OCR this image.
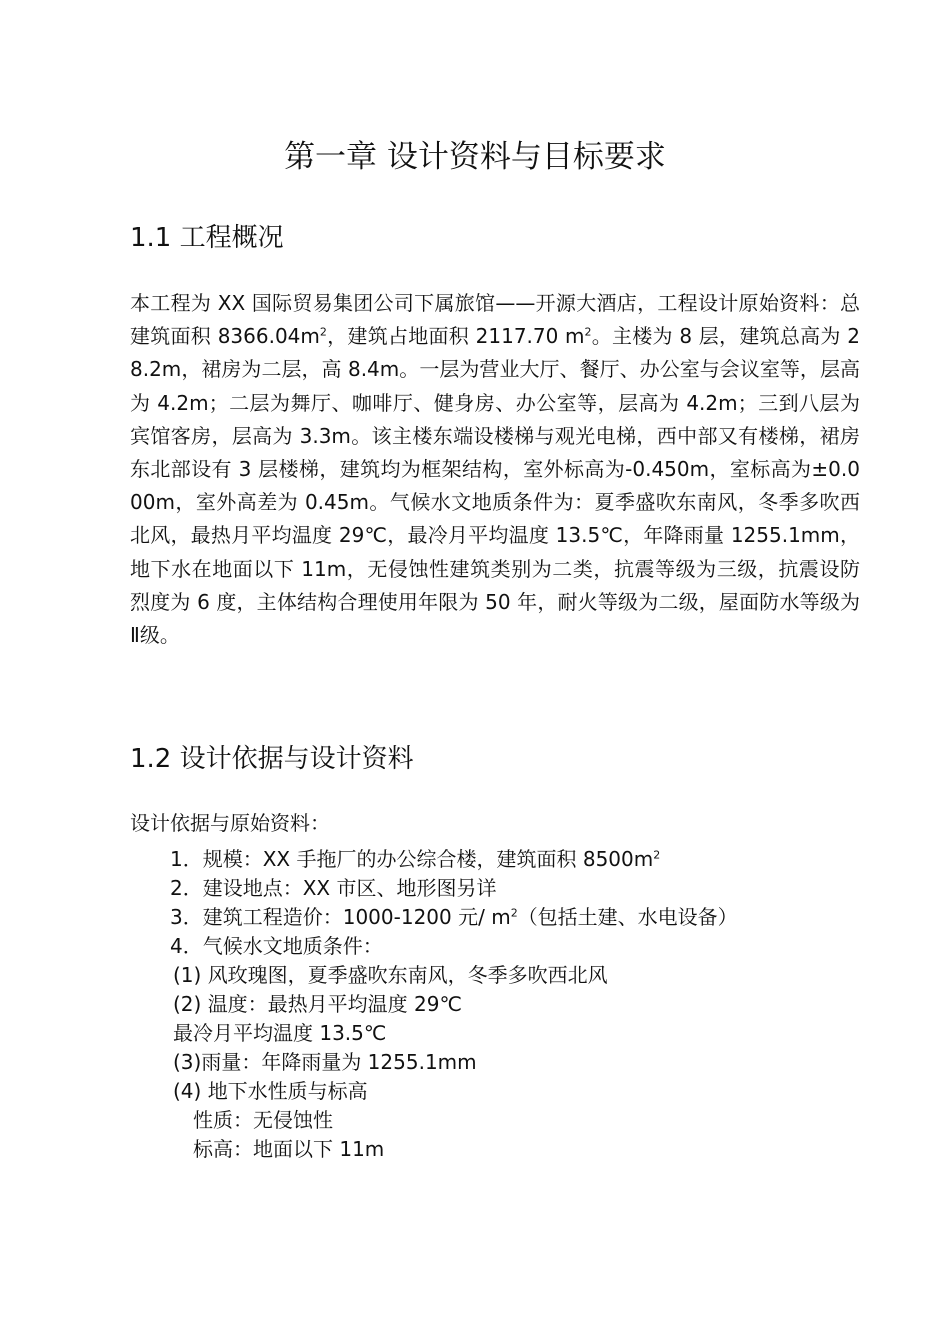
第一章 设计资料与目标要求
1.1 工程概况

本工程为 XX 国际贸易集团公司下属旅馆——开源大酒店，工程设计原始资料：总建筑面积 $8366.04m^2$，建筑占地面积 2117.70 $m^2$。主楼为 8 层，建筑总高为 28.2m，裙房为二层，高 8.4m。一层为营业大厅、餐厅、办公室与会议室等，层高为 4.2m；二层为舞厅、咖啡厅、健身房、办公室等，层高为 4.2m；三到八层为宾馆客房，层高为 3.3m。该主楼东端设楼梯与观光电梯，西中部又有楼梯，裙房东北部设有 3 层楼梯，建筑均为框架结构，室外标高为-0.450m，室标高为±0.000m，室外高差为 0.45m。气候水文地质条件为：夏季盛吹东南风，冬季多吹西北风，最热月平均温度 29℃，最冷月平均温度 13.5℃，年降雨量 1255.1mm，地下水在地面以下 11m，无侵蚀性建筑类别为二类，抗震等级为三级，抗震设防烈度为 6 度，主体结构合理使用年限为 50 年，耐火等级为二级，屋面防水等级为Ⅱ级。

1.2 设计依据与设计资料
设计依据与原始资料：
1．规模：XX 手拖厂的办公综合楼，建筑面积 $8500m^2$
2．建设地点：XX 市区、地形图另详
3．建筑工程造价：1000-1200 元/ $m^2$（包括土建、水电设备）
4．气候水文地质条件：
(1) 风玫瑰图，夏季盛吹东南风，冬季多吹西北风
(2) 温度：最热月平均温度 29℃
最冷月平均温度 13.5℃
(3)雨量：年降雨量为 1255.1mm
(4) 地下水性质与标高
性质：无侵蚀性
标高：地面以下 11m
